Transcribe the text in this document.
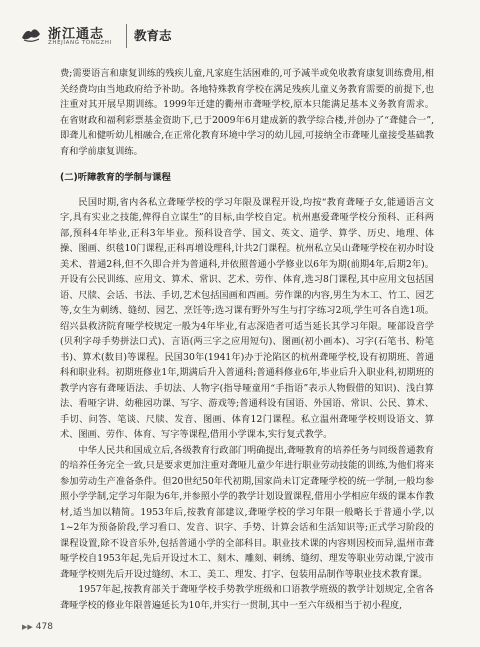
浙江通志
ZHEJIANG TONGZHI 教育志

费;需要语言和康复训练的残疾儿童,凡家庭生活困难的,可予减半或免收教育康复训练费用,相关经费均由当地政府给予补助。各地特殊教育学校在满足残疾儿童义务教育需要的前提下,也注重对其开展早期训练。1999年迁建的衢州市聋哑学校,原本只能满足基本义务教育需求。在省财政和福利彩票基金资助下,已于2009年6月建成新的教学综合楼,并创办了“聋健合一”,即聋儿和健听幼儿相融合,在正常化教育环境中学习的幼儿园,可接纳全市聋哑儿童接受基础教育和学前康复训练。

(二)听障教育的学制与课程

民国时期,省内各私立聋哑学校的学习年限及课程开设,均按“教育聋哑子女,能通语言文字,具有实业之技能,俾得自立谋生”的目标,由学校自定。杭州惠爱聋哑学校分预科、正科两部,预科4年毕业,正科3年毕业。预科设音学、国文、英文、道学、算学、历史、地理、体操、图画、织毯10门课程,正科再增设理科,计共2门课程。杭州私立吴山聋哑学校在初办时设美术、普通2科,但不久即合并为普通科,并依照普通小学修业以6年为期(前期4年,后期2年)。开设有公民训练、应用文、算术、常识、艺术、劳作、体育,选习8门课程,其中应用文包括国语、尺牍、会话、书法、手切,艺术包括国画和西画。劳作课的内容,男生为木工、竹工、园艺等,女生为刺绣、缝纫、园艺、烹饪等;选习课有野外写生与打字练习2项,学生可各自选1项。绍兴县救济院育哑学校规定一般为4年毕业,有志深造者可适当延长其学习年限。哑部设音学(贝利字母手势拼法口式)、言语(两三字之应用短句)、图画(初小画本)、习字(石笔书、粉笔书)、算术(数目)等课程。民国30年(1941年)办于沦陷区的杭州聋哑学校,设有初期班、普通科和职业科。初期班修业1年,期满后升入普通科;普通科修业6年,毕业后升入职业科,初期班的教学内容有聋哑语法、手切法、人物字(指导哑童用“手指语”表示人物假借的知识)、浅白算法、看哑字讲、幼稚园功课、写字、游戏等;普通科设有国语、外国语、常识、公民、算术、手切、问答、笔谈、尺牍、发音、图画、体育12门课程。私立温州聋哑学校则设语文、算术、图画、劳作、体育、写字等课程,借用小学课本,实行复式教学。

中华人民共和国成立后,各级教育行政部门明确提出,聋哑教育的培养任务与同级普通教育的培养任务完全一致,只是要求更加注重对聋哑儿童少年进行职业劳动技能的训练,为他们将来参加劳动生产准备条件。但20世纪50年代初期,国家尚未订定聋哑学校的统一学制,一般均参照小学学制,定学习年限为6年,并参照小学的教学计划设置课程,借用小学相应年级的课本作教材,适当加以精简。1953年后,按教育部建议,聋哑学校的学习年限一般略长于普通小学,以1~2年为预备阶段,学习看口、发音、识字、手势、计算会话和生活知识等;正式学习阶段的课程设置,除不设音乐外,包括普通小学的全部科目。职业技术课的内容则因校而异,温州市聋哑学校自1953年起,先后开设过木工、刻木、雕刻、刺绣、缝纫、理发等职业劳动课,宁波市聋哑学校则先后开设过缝纫、木工、美工、理发、打字、包装用品制作等职业技术教育课。

1957年起,按教育部关于聋哑学校手势教学班级和口语教学班级的教学计划规定,全省各聋哑学校的修业年限普遍延长为10年,并实行一贯制,其中一至六年级相当于初小程度,

▶▶ 478
